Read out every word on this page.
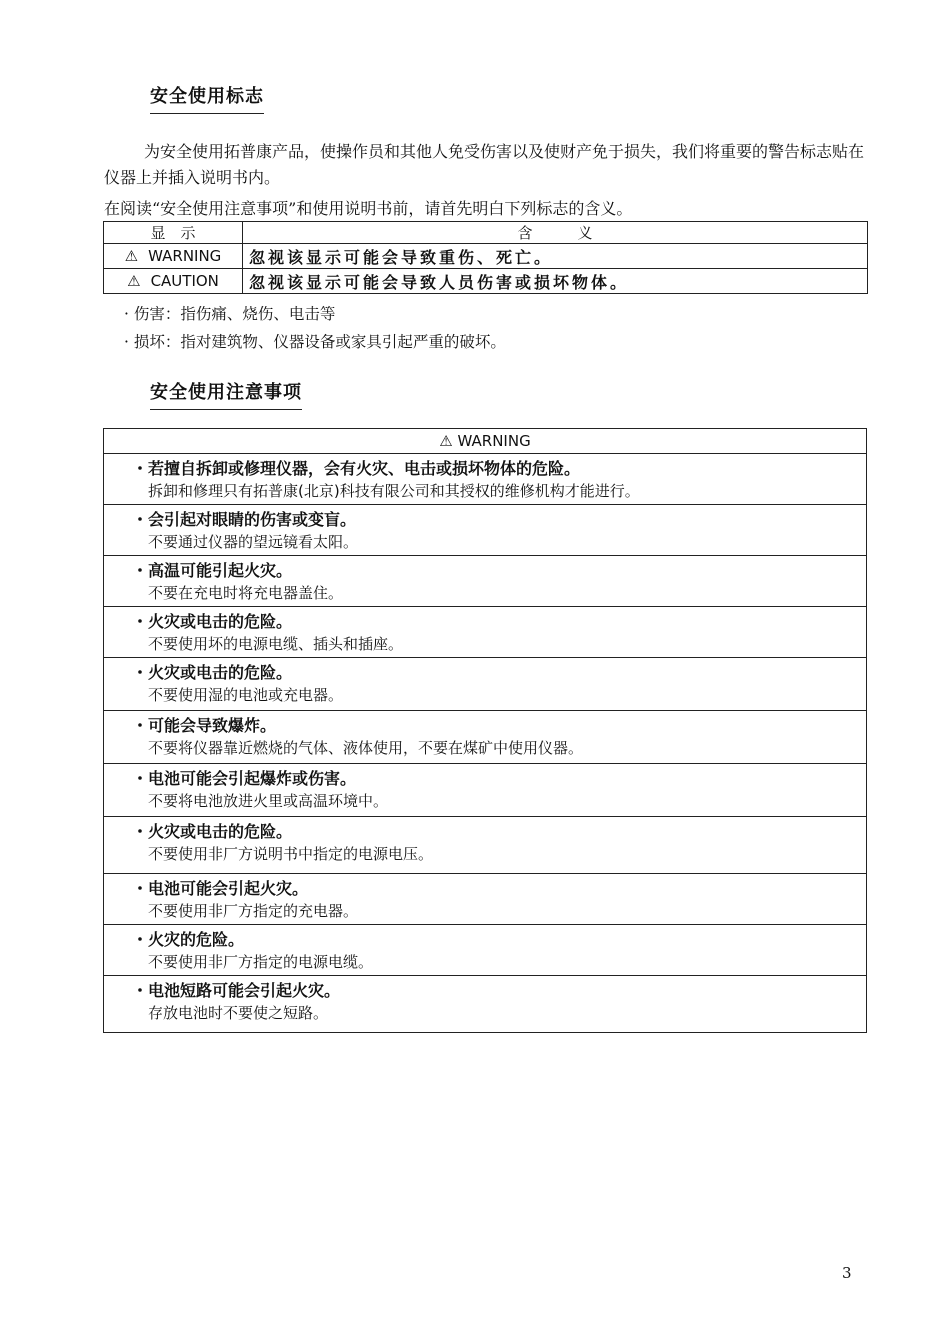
安全使用标志
为安全使用拓普康产品，使操作员和其他人免受伤害以及使财产免于损失，我们将重要的警告标志贴在仪器上并插入说明书内。
在阅读“安全使用注意事项”和使用说明书前，请首先明白下列标志的含义。
显　示	含　　　义
⚠ WARNING	忽视该显示可能会导致重伤、死亡。
⚠ CAUTION	忽视该显示可能会导致人员伤害或损坏物体。
· 伤害：指伤痛、烧伤、电击等
· 损坏：指对建筑物、仪器设备或家具引起严重的破坏。
安全使用注意事项
⚠ WARNING

・若擅自拆卸或修理仪器，会有火灾、电击或损坏物体的危险。
拆卸和修理只有拓普康(北京)科技有限公司和其授权的维修机构才能进行。

・会引起对眼睛的伤害或变盲。
不要通过仪器的望远镜看太阳。

・高温可能引起火灾。
不要在充电时将充电器盖住。

・火灾或电击的危险。
不要使用坏的电源电缆、插头和插座。

・火灾或电击的危险。
不要使用湿的电池或充电器。

・可能会导致爆炸。
不要将仪器靠近燃烧的气体、液体使用，不要在煤矿中使用仪器。

・电池可能会引起爆炸或伤害。
不要将电池放进火里或高温环境中。

・火灾或电击的危险。
不要使用非厂方说明书中指定的电源电压。

・电池可能会引起火灾。
不要使用非厂方指定的充电器。

・火灾的危险。
不要使用非厂方指定的电源电缆。

・电池短路可能会引起火灾。
存放电池时不要使之短路。
3
